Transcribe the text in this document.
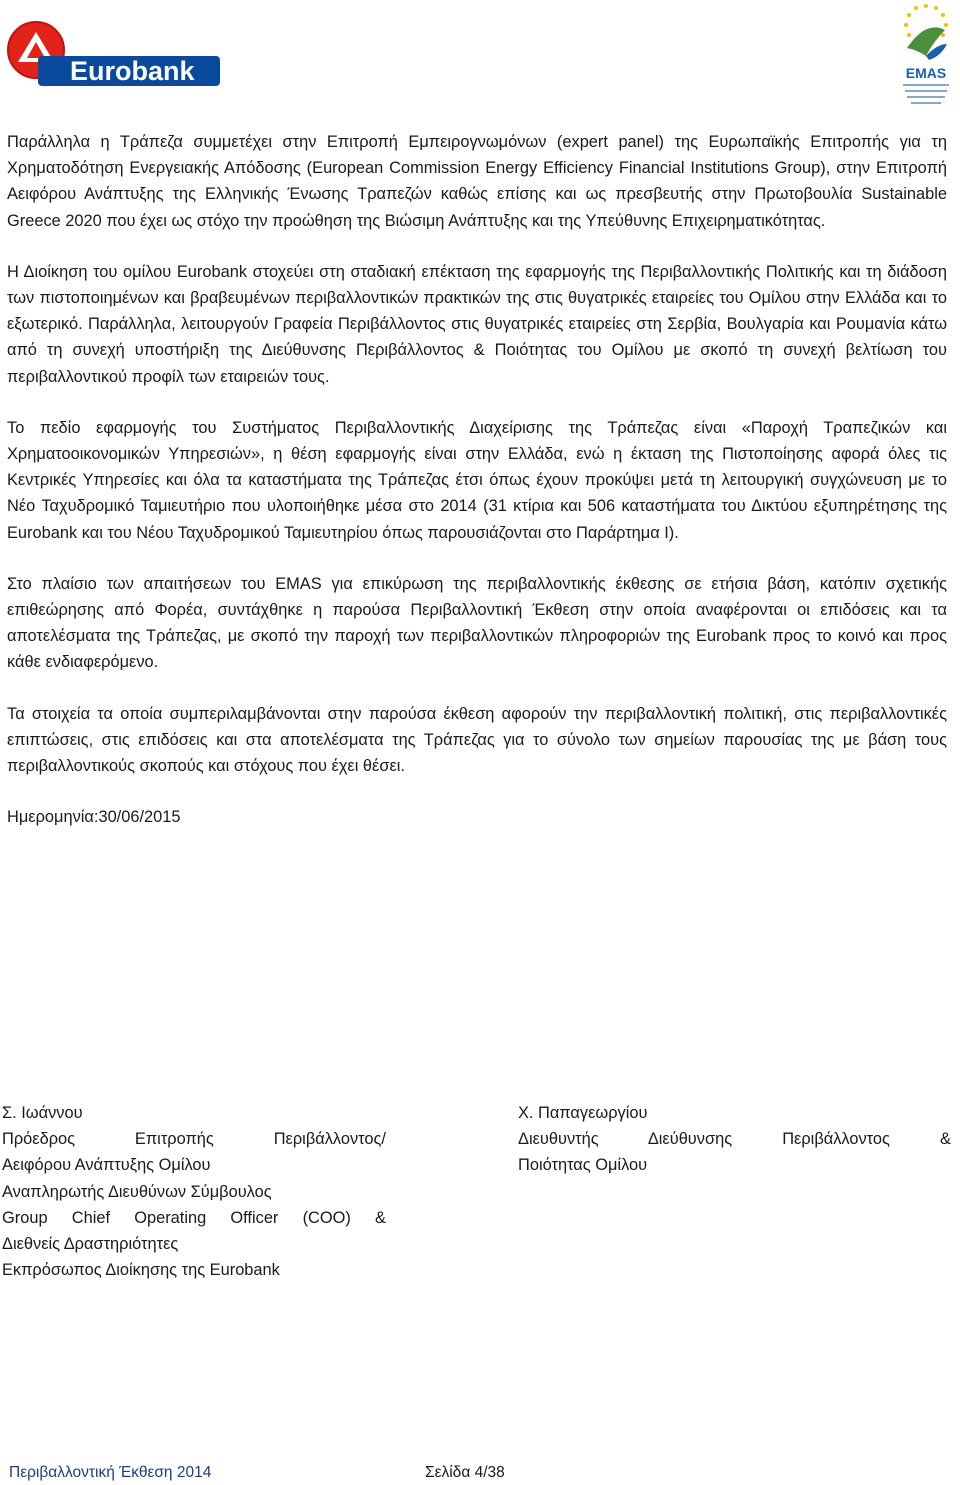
Eurobank	EMAS

Παράλληλα η Τράπεζα συμμετέχει στην Επιτροπή Εμπειρογνωμόνων (expert panel) της Ευρωπαϊκής Επιτροπής για τη Χρηματοδότηση Ενεργειακής Απόδοσης (European Commission Energy Efficiency Financial Institutions Group), στην Επιτροπή Αειφόρου Ανάπτυξης της Ελληνικής Ένωσης Τραπεζών καθώς επίσης και ως πρεσβευτής στην Πρωτοβουλία Sustainable Greece 2020 που έχει ως στόχο την προώθηση της Βιώσιμη Ανάπτυξης και της Υπεύθυνης Επιχειρηματικότητας.

Η Διοίκηση του ομίλου Eurobank στοχεύει στη σταδιακή επέκταση της εφαρμογής της Περιβαλλοντικής Πολιτικής και τη διάδοση των πιστοποιημένων και βραβευμένων περιβαλλοντικών πρακτικών της στις θυγατρικές εταιρείες του Ομίλου στην Ελλάδα και το εξωτερικό. Παράλληλα, λειτουργούν Γραφεία Περιβάλλοντος στις θυγατρικές εταιρείες στη Σερβία, Βουλγαρία και Ρουμανία κάτω από τη συνεχή υποστήριξη της Διεύθυνσης Περιβάλλοντος & Ποιότητας του Ομίλου με σκοπό τη συνεχή βελτίωση του περιβαλλοντικού προφίλ των εταιρειών τους.

Το πεδίο εφαρμογής του Συστήματος Περιβαλλοντικής Διαχείρισης της Τράπεζας είναι «Παροχή Τραπεζικών και Χρηματοοικονομικών Υπηρεσιών», η θέση εφαρμογής είναι στην Ελλάδα, ενώ η έκταση της Πιστοποίησης αφορά όλες τις Κεντρικές Υπηρεσίες και όλα τα καταστήματα της Τράπεζας έτσι όπως έχουν προκύψει μετά τη λειτουργική συγχώνευση με το Νέο Ταχυδρομικό Ταμιευτήριο που υλοποιήθηκε μέσα στο 2014 (31 κτίρια και 506 καταστήματα του Δικτύου εξυπηρέτησης της Eurobank και του Νέου Ταχυδρομικού Ταμιευτηρίου όπως παρουσιάζονται στο Παράρτημα Ι).

Στο πλαίσιο των απαιτήσεων του EMAS για επικύρωση της περιβαλλοντικής έκθεσης σε ετήσια βάση, κατόπιν σχετικής επιθεώρησης από Φορέα, συντάχθηκε η παρούσα Περιβαλλοντική Έκθεση στην οποία αναφέρονται οι επιδόσεις και τα αποτελέσματα της Τράπεζας, με σκοπό την παροχή των περιβαλλοντικών πληροφοριών της Eurobank προς το κοινό και προς κάθε ενδιαφερόμενο.

Τα στοιχεία τα οποία συμπεριλαμβάνονται στην παρούσα έκθεση αφορούν την περιβαλλοντική πολιτική, στις περιβαλλοντικές επιπτώσεις, στις επιδόσεις και στα αποτελέσματα της Τράπεζας για το σύνολο των σημείων παρουσίας της με βάση τους περιβαλλοντικούς σκοπούς και στόχους που έχει θέσει.

Ημερομηνία:30/06/2015

Σ. Ιωάννου
Πρόεδρος Επιτροπής Περιβάλλοντος/
Αειφόρου Ανάπτυξης Ομίλου
Αναπληρωτής Διευθύνων Σύμβουλος
Group Chief Operating Officer (COO) &
Διεθνείς Δραστηριότητες
Εκπρόσωπος Διοίκησης της Eurobank
Χ. Παπαγεωργίου
Διευθυντής Διεύθυνσης Περιβάλλοντος &
Ποιότητας Ομίλου
Περιβαλλοντική Έκθεση 2014	Σελίδα 4/38
